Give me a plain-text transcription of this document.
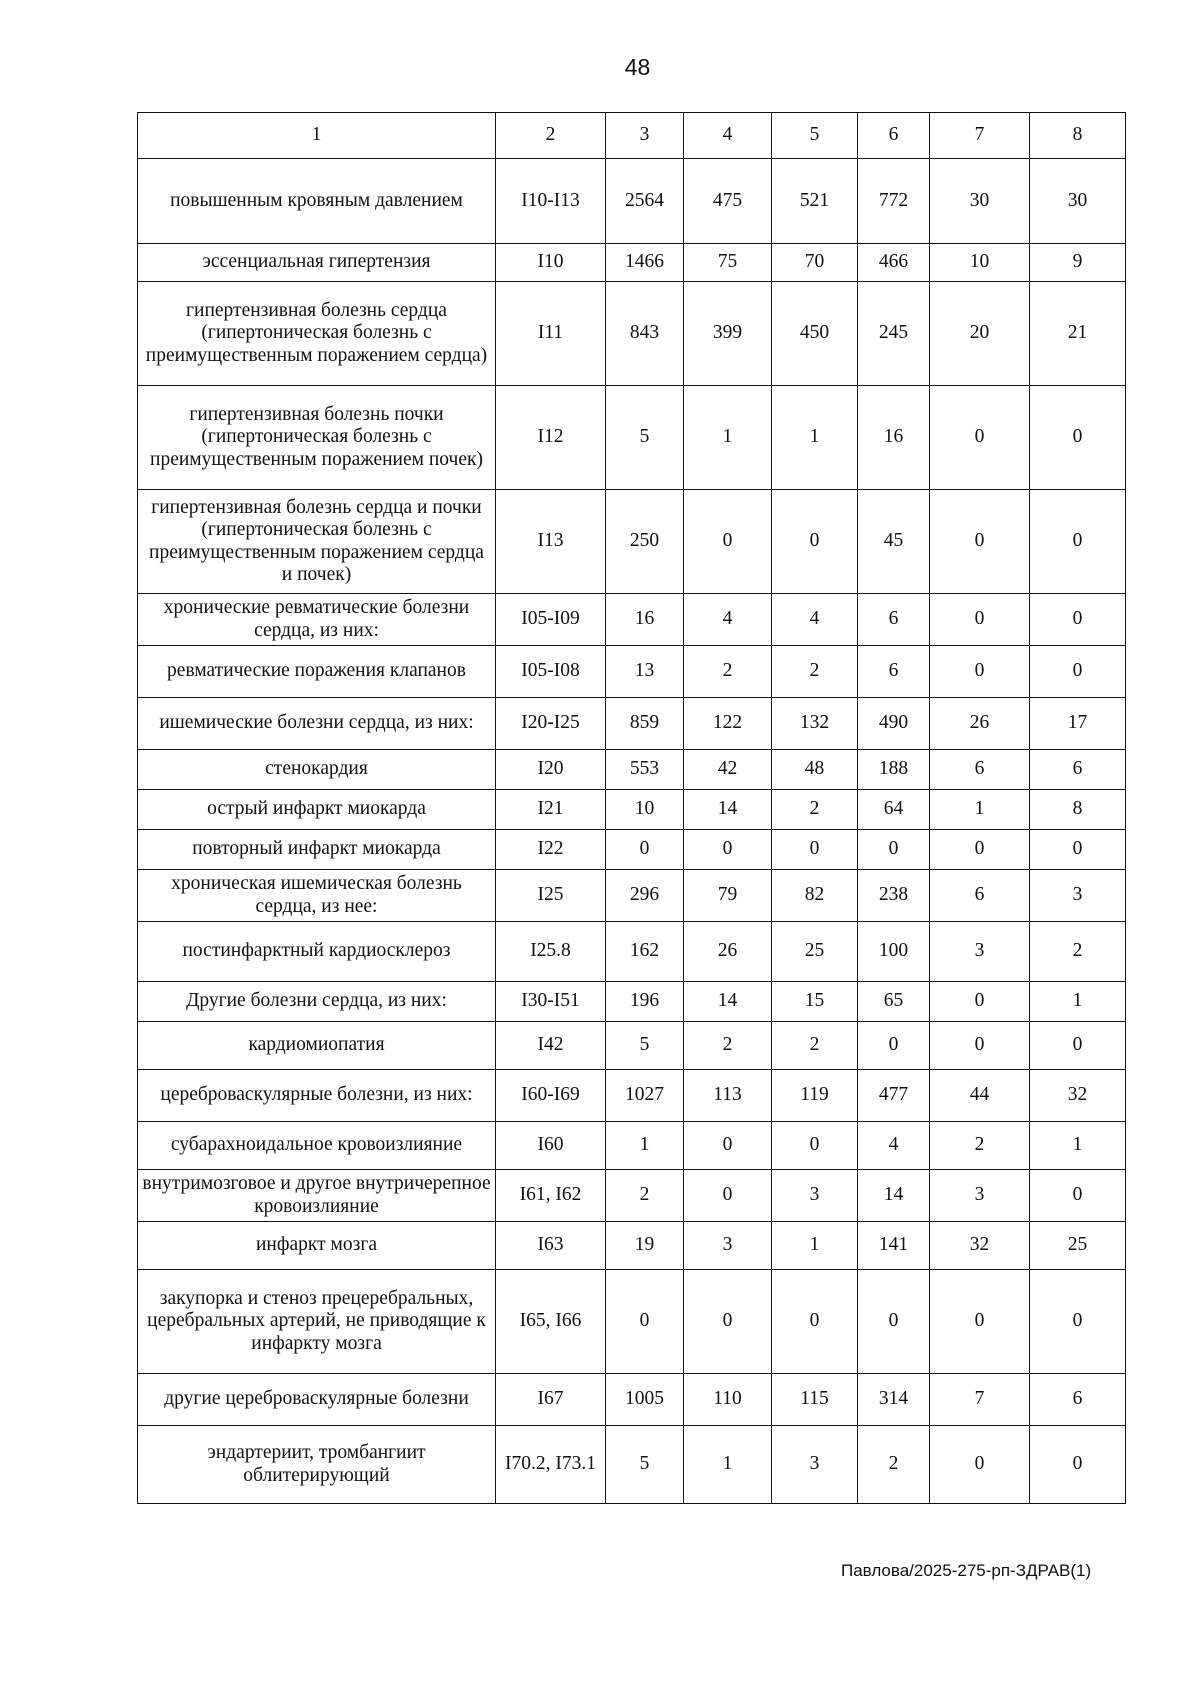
48
1	2	3	4	5	6	7	8
повышенным кровяным давлением	I10-I13	2564	475	521	772	30	30
эссенциальная гипертензия	I10	1466	75	70	466	10	9
гипертензивная болезнь сердца (гипертоническая болезнь с преимущественным поражением сердца)	I11	843	399	450	245	20	21
гипертензивная болезнь почки (гипертоническая болезнь с преимущественным поражением почек)	I12	5	1	1	16	0	0
гипертензивная болезнь сердца и почки (гипертоническая болезнь с преимущественным поражением сердца и почек)	I13	250	0	0	45	0	0
хронические ревматические болезни сердца, из них:	I05-I09	16	4	4	6	0	0
ревматические поражения клапанов	I05-I08	13	2	2	6	0	0
ишемические болезни сердца, из них:	I20-I25	859	122	132	490	26	17
стенокардия	I20	553	42	48	188	6	6
острый инфаркт миокарда	I21	10	14	2	64	1	8
повторный инфаркт миокарда	I22	0	0	0	0	0	0
хроническая ишемическая болезнь сердца, из нее:	I25	296	79	82	238	6	3
постинфарктный кардиосклероз	I25.8	162	26	25	100	3	2
Другие болезни сердца, из них:	I30-I51	196	14	15	65	0	1
кардиомиопатия	I42	5	2	2	0	0	0
цереброваскулярные болезни, из них:	I60-I69	1027	113	119	477	44	32
субарахноидальное кровоизлияние	I60	1	0	0	4	2	1
внутримозговое и другое внутричерепное кровоизлияние	I61, I62	2	0	3	14	3	0
инфаркт мозга	I63	19	3	1	141	32	25
закупорка и стеноз прецеребральных, церебральных артерий, не приводящие к инфаркту мозга	I65, I66	0	0	0	0	0	0
другие цереброваскулярные болезни	I67	1005	110	115	314	7	6
эндартериит, тромбангиит облитерирующий	I70.2, I73.1	5	1	3	2	0	0
Павлова/2025-275-рп-ЗДРАВ(1)
